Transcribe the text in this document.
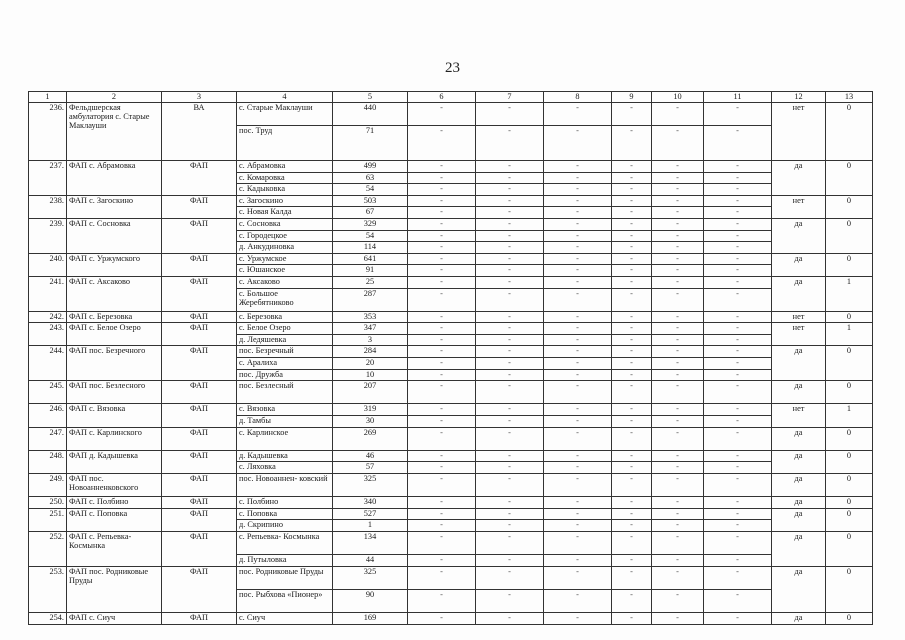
23
1	2	3	4	5	6	7	8	9	10	11	12	13
236.	Фельдшерская амбулатория с. Старые Маклауши	ВА	с. Старые Маклауши	440	-	-	-	-	-	-	нет	0
			пос. Труд	71	-	-	-	-	-	-		
237.	ФАП с. Абрамовка	ФАП	с. Абрамовка	499	-	-	-	-	-	-	да	0
			с. Комаровка	63	-	-	-	-	-	-		
			с. Кадыковка	54	-	-	-	-	-	-		
238.	ФАП с. Загоскино	ФАП	с. Загоскино	503	-	-	-	-	-	-	нет	0
			с. Новая Калда	67	-	-	-	-	-	-		
239.	ФАП с. Сосновка	ФАП	с. Сосновка	329	-	-	-	-	-	-	да	0
			с. Городецкое	54	-	-	-	-	-	-		
			д. Анкудиновка	114	-	-	-	-	-	-		
240.	ФАП с. Уржумского	ФАП	с. Уржумское	641	-	-	-	-	-	-	да	0
			с. Юшанское	91	-	-	-	-	-	-		
241.	ФАП с. Аксаково	ФАП	с. Аксаково	25	-	-	-	-	-	-	да	1
			с. Большое Жеребятниково	287	-	-	-	-	-	-		
242.	ФАП с. Березовка	ФАП	с. Березовка	353	-	-	-	-	-	-	нет	0
243.	ФАП с. Белое Озеро	ФАП	с. Белое Озеро	347	-	-	-	-	-	-	нет	1
			д. Ледяшевка	3	-	-	-	-	-	-		
244.	ФАП пос. Безречного	ФАП	пос. Безречный	284	-	-	-	-	-	-	да	0
			с. Аралиха	20	-	-	-	-	-	-		
			пос. Дружба	10	-	-	-	-	-	-		
245.	ФАП пос. Безлесного	ФАП	пос. Безлесный	207	-	-	-	-	-	-	да	0
246.	ФАП с. Вязовка	ФАП	с. Вязовка	319	-	-	-	-	-	-	нет	1
			д. Тамбы	30	-	-	-	-	-	-		
247.	ФАП с. Карлинского	ФАП	с. Карлинское	269	-	-	-	-	-	-	да	0
248.	ФАП д. Кадышевка	ФАП	д. Кадышевка	46	-	-	-	-	-	-	да	0
			с. Ляховка	57	-	-	-	-	-	-		
249.	ФАП пос. Новоанненковского	ФАП	пос. Новоаннен- ковский	325	-	-	-	-	-	-	да	0
250.	ФАП с. Полбино	ФАП	с. Полбино	340	-	-	-	-	-	-	да	0
251.	ФАП с. Поповка	ФАП	с. Поповка	527	-	-	-	-	-	-	да	0
			д. Скрипино	1	-	-	-	-	-	-		
252.	ФАП с. Репьевка-Космынка	ФАП	с. Репьевка- Космынка	134	-	-	-	-	-	-	да	0
			д. Путыловка	44	-	-	-	-	-	-		
253.	ФАП пос. Родниковые Пруды	ФАП	пос. Родниковые Пруды	325	-	-	-	-	-	-	да	0
			пос. Рыбхова «Пионер»	90	-	-	-	-	-	-		
254.	ФАП с. Сиуч	ФАП	с. Сиуч	169	-	-	-	-	-	-	да	0
